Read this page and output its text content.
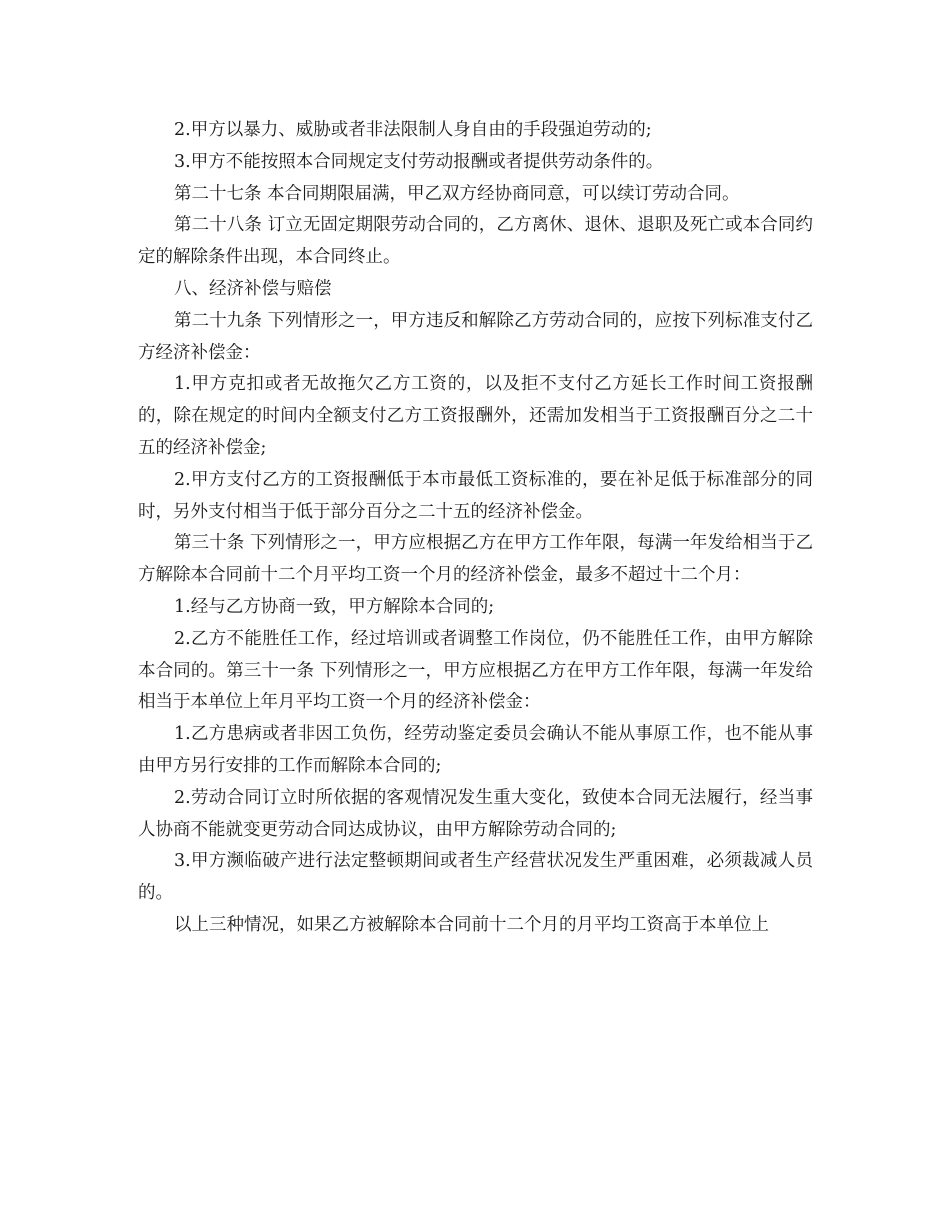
2.甲方以暴力、威胁或者非法限制人身自由的手段强迫劳动的;

3.甲方不能按照本合同规定支付劳动报酬或者提供劳动条件的。

第二十七条 本合同期限届满，甲乙双方经协商同意，可以续订劳动合同。

第二十八条 订立无固定期限劳动合同的，乙方离休、退休、退职及死亡或本合同约定的解除条件出现，本合同终止。

八、经济补偿与赔偿

第二十九条 下列情形之一，甲方违反和解除乙方劳动合同的，应按下列标准支付乙方经济补偿金：

1.甲方克扣或者无故拖欠乙方工资的，以及拒不支付乙方延长工作时间工资报酬的，除在规定的时间内全额支付乙方工资报酬外，还需加发相当于工资报酬百分之二十五的经济补偿金;

2.甲方支付乙方的工资报酬低于本市最低工资标准的，要在补足低于标准部分的同时，另外支付相当于低于部分百分之二十五的经济补偿金。

第三十条 下列情形之一，甲方应根据乙方在甲方工作年限，每满一年发给相当于乙方解除本合同前十二个月平均工资一个月的经济补偿金，最多不超过十二个月：

1.经与乙方协商一致，甲方解除本合同的;

2.乙方不能胜任工作，经过培训或者调整工作岗位，仍不能胜任工作，由甲方解除本合同的。第三十一条 下列情形之一，甲方应根据乙方在甲方工作年限，每满一年发给相当于本单位上年月平均工资一个月的经济补偿金：

1.乙方患病或者非因工负伤，经劳动鉴定委员会确认不能从事原工作，也不能从事由甲方另行安排的工作而解除本合同的;

2.劳动合同订立时所依据的客观情况发生重大变化，致使本合同无法履行，经当事人协商不能就变更劳动合同达成协议，由甲方解除劳动合同的;

3.甲方濒临破产进行法定整顿期间或者生产经营状况发生严重困难，必须裁减人员的。

以上三种情况，如果乙方被解除本合同前十二个月的月平均工资高于本单位上
